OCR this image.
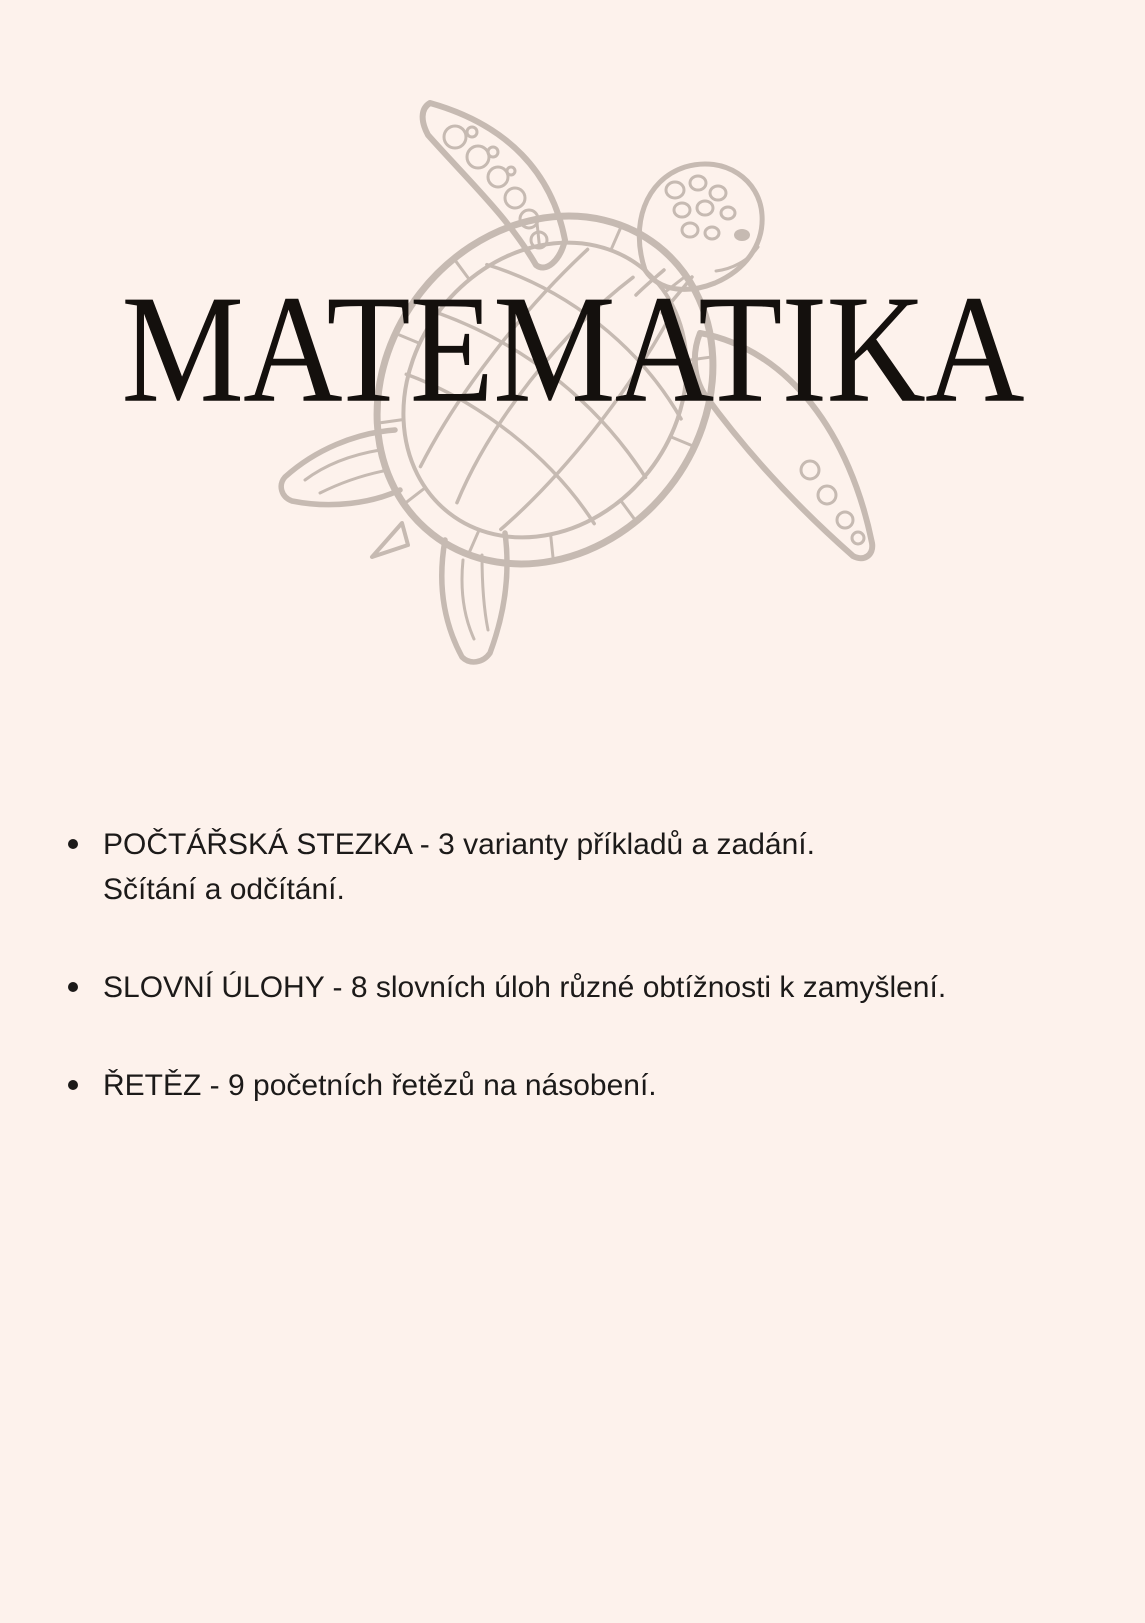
MATEMATIKA
POČTÁŘSKÁ STEZKA - 3 varianty příkladů a zadání.
Sčítání a odčítání.
SLOVNÍ ÚLOHY - 8 slovních úloh různé obtížnosti k zamyšlení.
ŘETĚZ - 9 početních řetězů na násobení.
